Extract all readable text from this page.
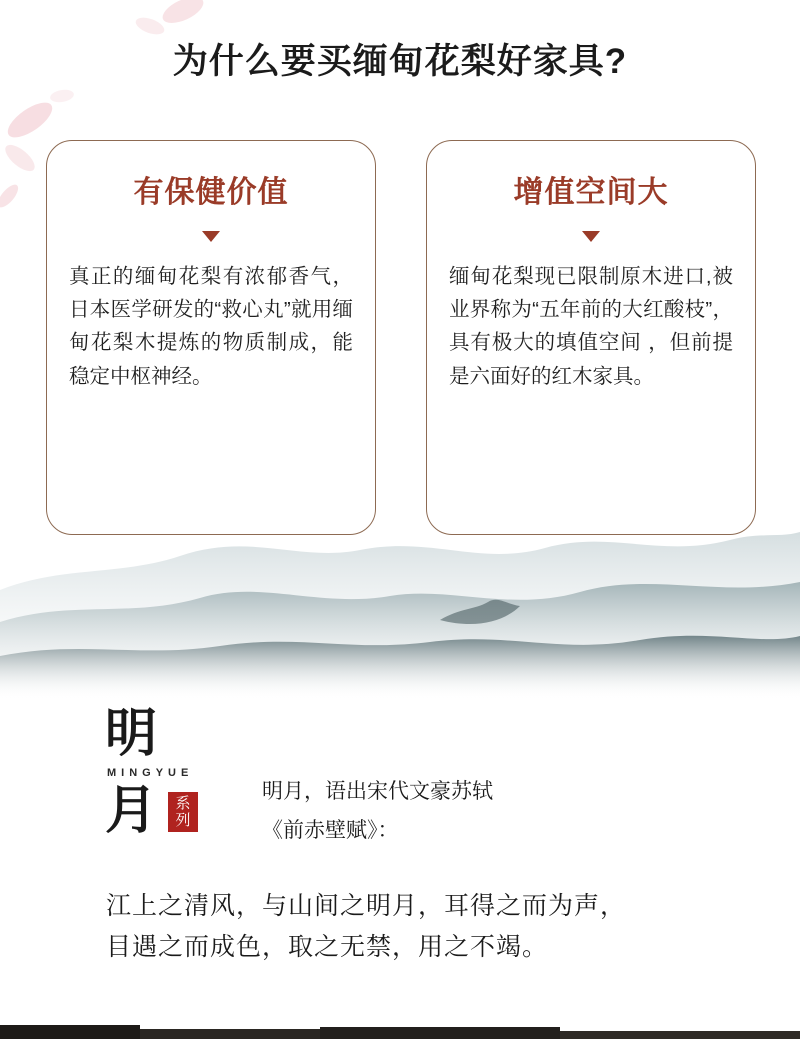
为什么要买缅甸花梨好家具?
有保健价值
真正的缅甸花梨有浓郁香气，日本医学研发的“救心丸”就用缅甸花梨木提炼的物质制成，能稳定中枢神经。
增值空间大
缅甸花梨现已限制原木进口,被业界称为“五年前的大红酸枝”， 具有极大的填值空间 ，但前提是六面好的红木家具。
明
MINGYUE
月	系列
明月，语出宋代文豪苏轼
《前赤壁赋》：
江上之清风，与山间之明月，耳得之而为声，
目遇之而成色，取之无禁，用之不竭。
